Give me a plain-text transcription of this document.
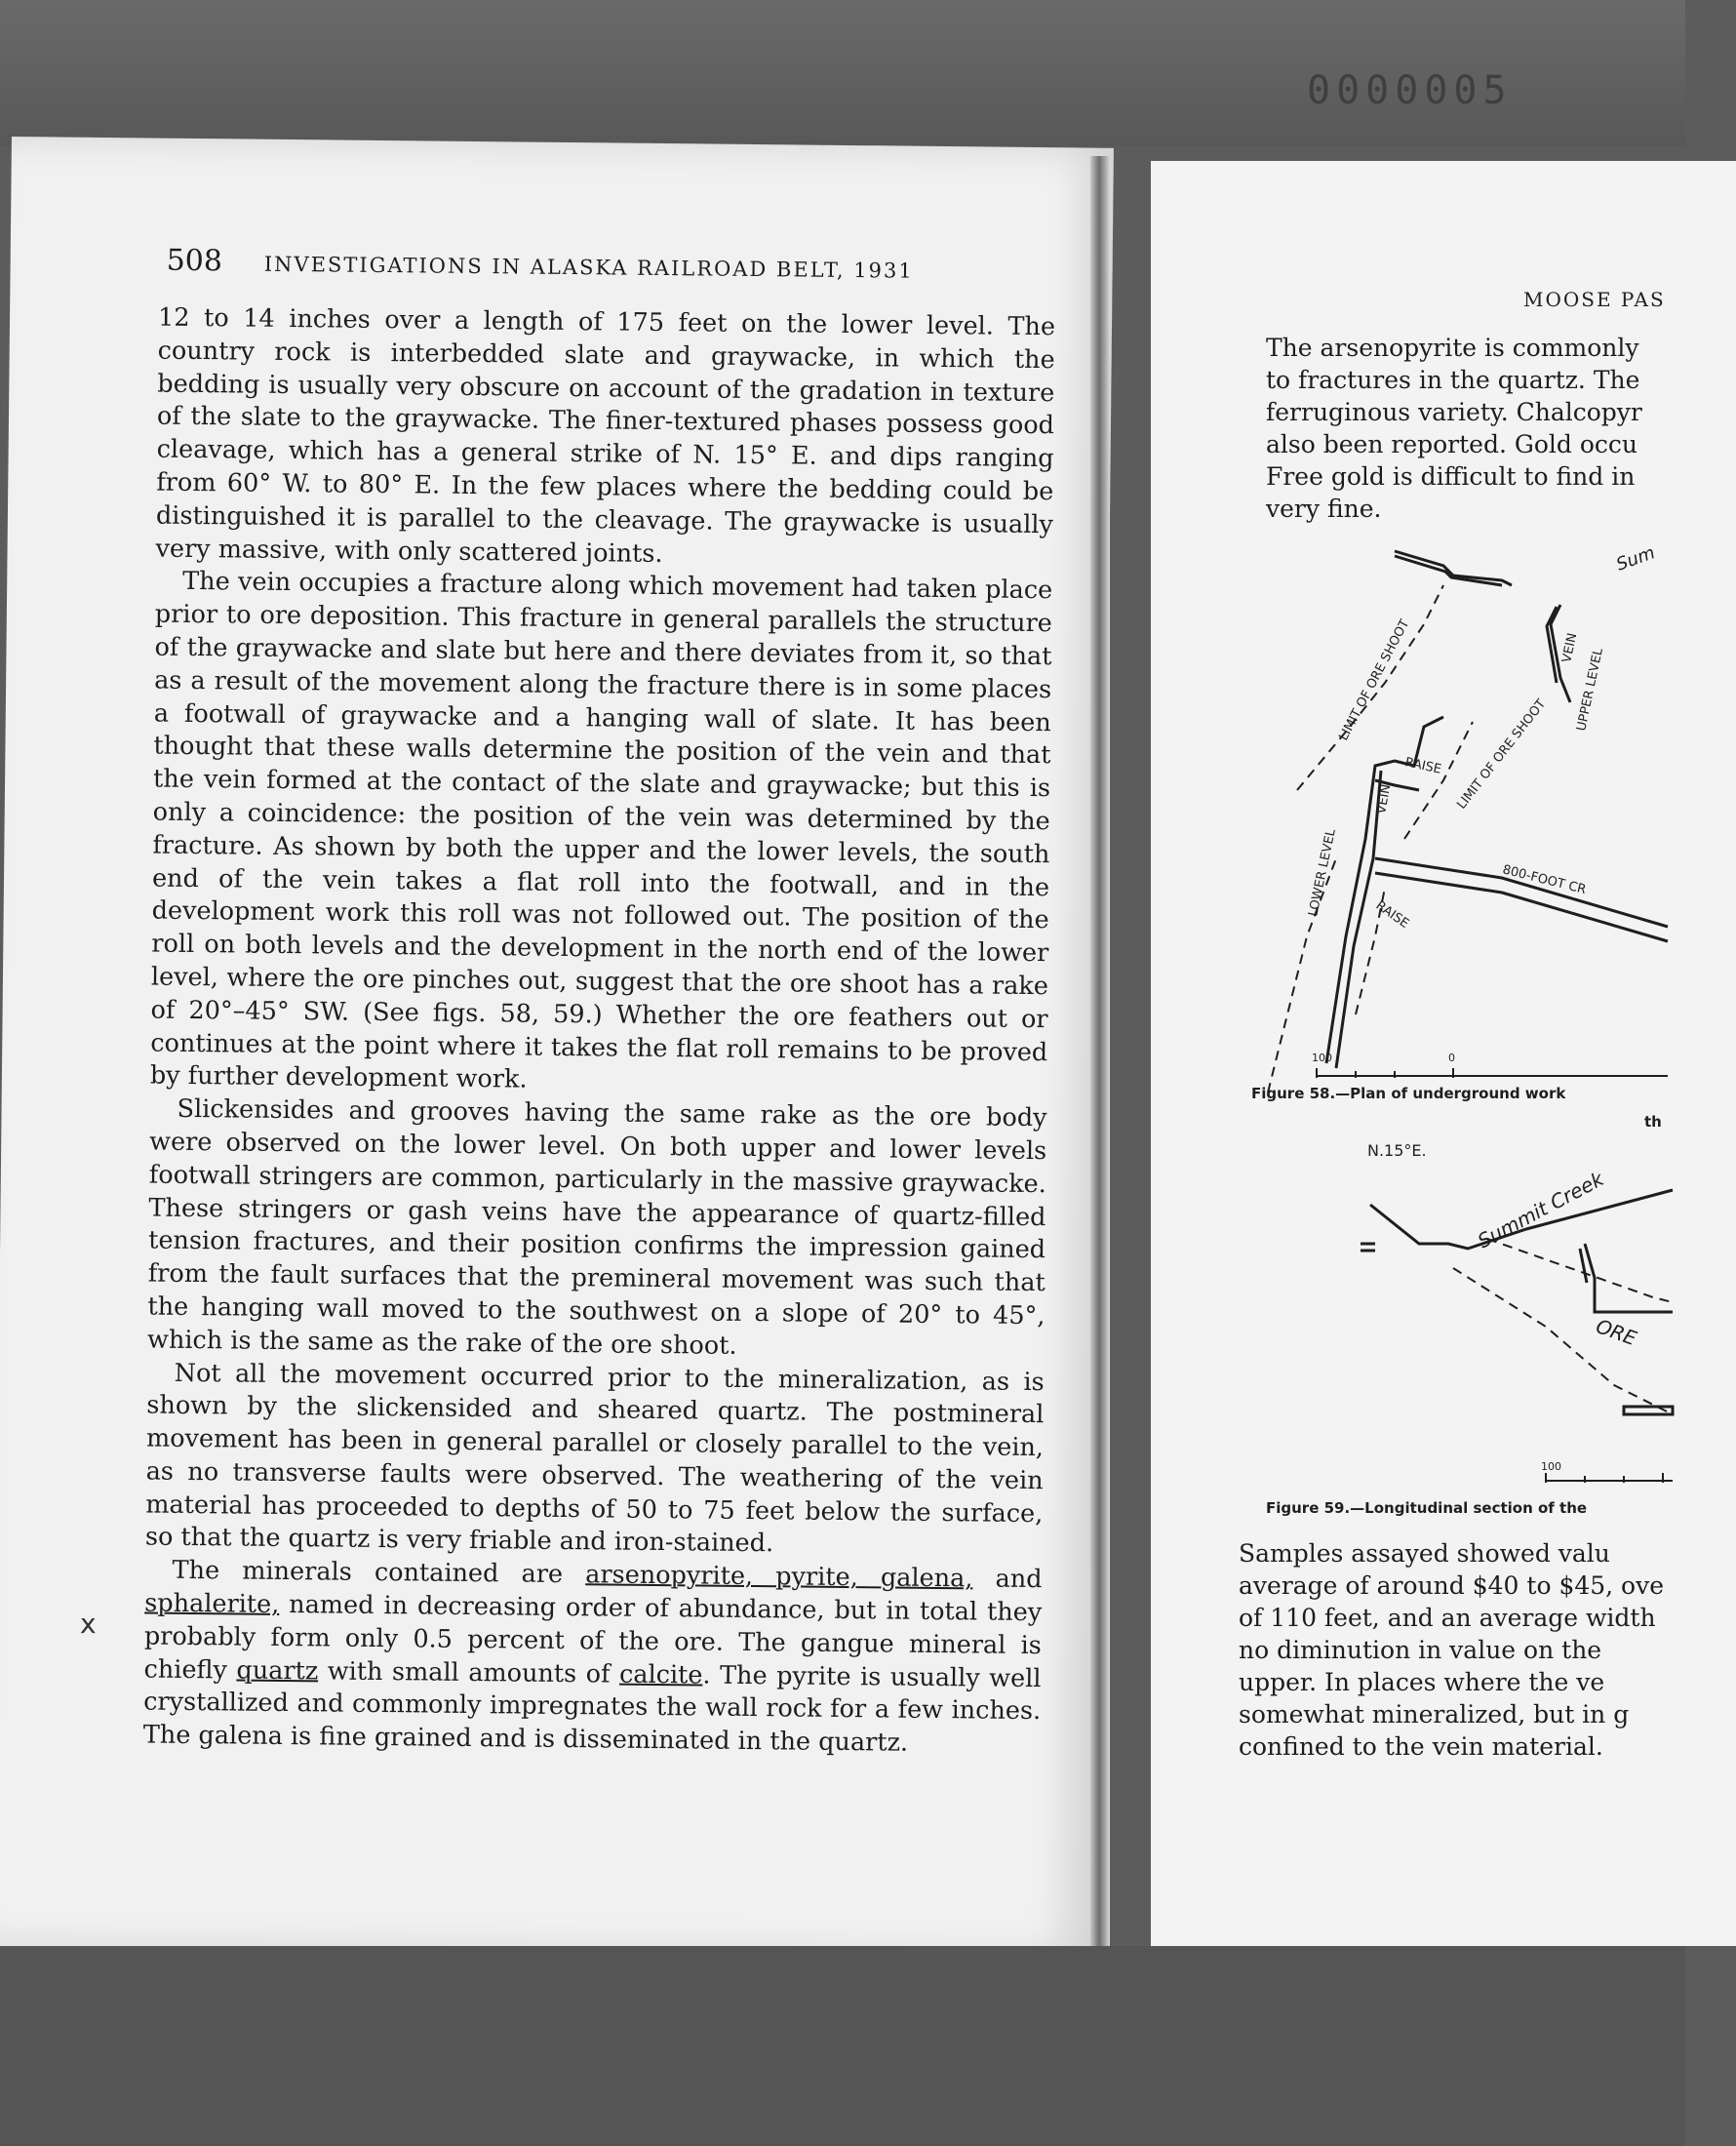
0000005
508 INVESTIGATIONS IN ALASKA RAILROAD BELT, 1931

12 to 14 inches over a length of 175 feet on the lower level. The country rock is interbedded slate and graywacke, in which the bedding is usually very obscure on account of the gradation in texture of the slate to the graywacke. The finer-textured phases possess good cleavage, which has a general strike of N. 15° E. and dips ranging from 60° W. to 80° E. In the few places where the bedding could be distinguished it is parallel to the cleavage. The graywacke is usually very massive, with only scattered joints.

The vein occupies a fracture along which movement had taken place prior to ore deposition. This fracture in general parallels the structure of the graywacke and slate but here and there deviates from it, so that as a result of the movement along the fracture there is in some places a footwall of graywacke and a hanging wall of slate. It has been thought that these walls determine the position of the vein and that the vein formed at the contact of the slate and graywacke; but this is only a coincidence: the position of the vein was determined by the fracture. As shown by both the upper and the lower levels, the south end of the vein takes a flat roll into the footwall, and in the development work this roll was not followed out. The position of the roll on both levels and the development in the north end of the lower level, where the ore pinches out, suggest that the ore shoot has a rake of 20°–45° SW. (See figs. 58, 59.) Whether the ore feathers out or continues at the point where it takes the flat roll remains to be proved by further development work.

Slickensides and grooves having the same rake as the ore body were observed on the lower level. On both upper and lower levels footwall stringers are common, particularly in the massive graywacke. These stringers or gash veins have the appearance of quartz-filled tension fractures, and their position confirms the impression gained from the fault surfaces that the premineral movement was such that the hanging wall moved to the southwest on a slope of 20° to 45°, which is the same as the rake of the ore shoot.

Not all the movement occurred prior to the mineralization, as is shown by the slickensided and sheared quartz. The postmineral movement has been in general parallel or closely parallel to the vein, as no transverse faults were observed. The weathering of the vein material has proceeded to depths of 50 to 75 feet below the surface, so that the quartz is very friable and iron-stained.

The minerals contained are arsenopyrite, pyrite, galena, and sphalerite, named in decreasing order of abundance, but in total they probably form only 0.5 percent of the ore. The gangue mineral is chiefly quartz with small amounts of calcite. The pyrite is usually well crystallized and commonly impregnates the wall rock for a few inches. The galena is fine grained and is disseminated in the quartz.

x
MOOSE PAS
The arsenopyrite is commonly
to fractures in the quartz. The
ferruginous variety. Chalcopyr
also been reported. Gold occu
Free gold is difficult to find in
very fine.
LIMIT OF ORE SHOOT	VEIN
UPPER LEVEL
RAISE LIMIT OF ORE SHOOT
LOWER LEVEL
VEIN
800-FOOT CR
RAISE
Sum
100	0
Figure 58.—Plan of underground work
th
N.15°E.
Summit Creek
ORE
100
Figure 59.—Longitudinal section of the
Samples assayed showed valu
average of around $40 to $45, ove
of 110 feet, and an average width
no diminution in value on the
upper. In places where the ve
somewhat mineralized, but in g
confined to the vein material.
